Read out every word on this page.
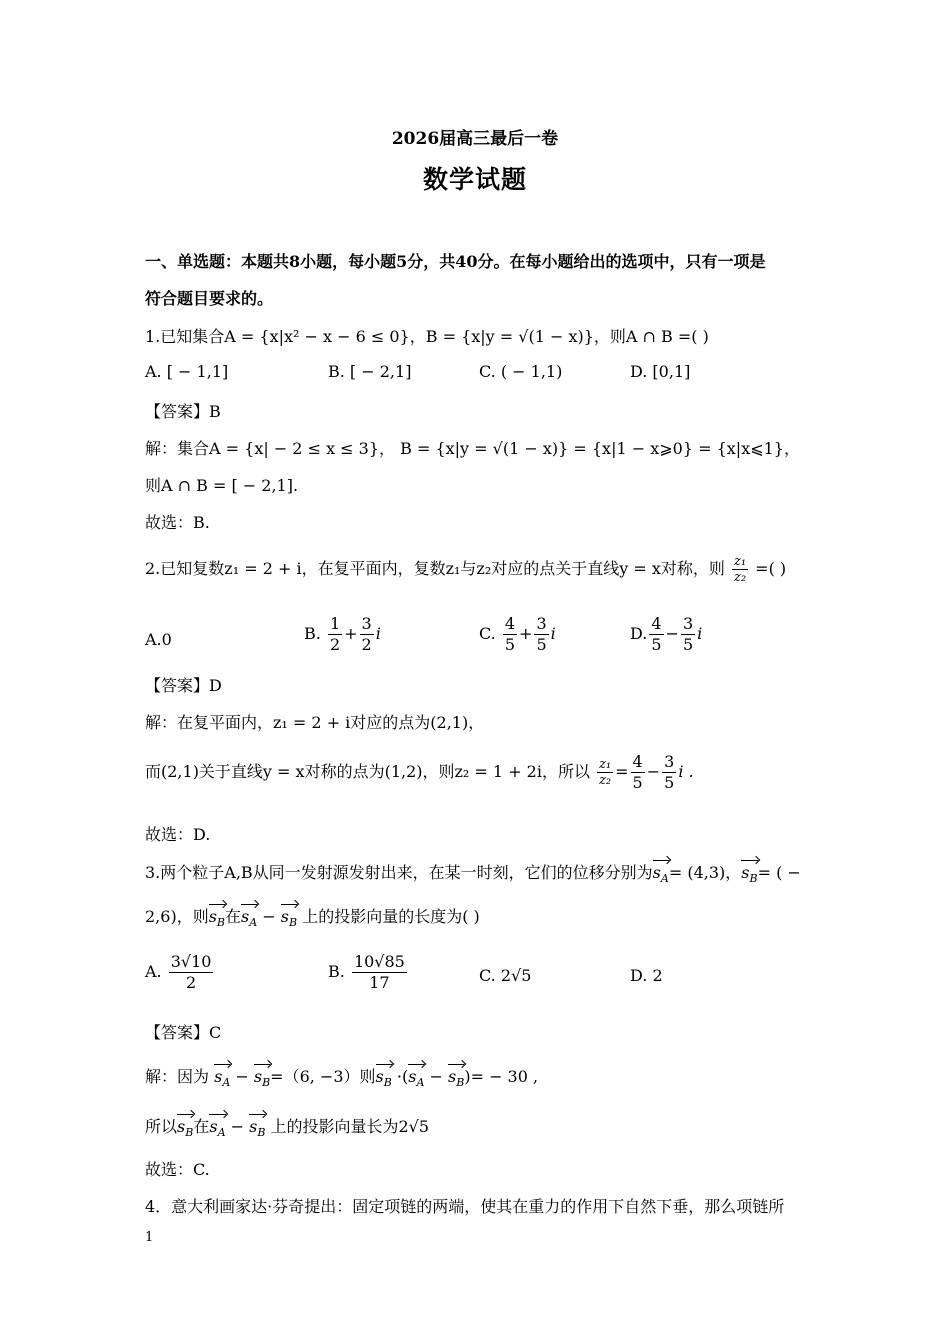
2026届高三最后一卷
数学试题
一、单选题：本题共8小题，每小题5分，共40分。在每小题给出的选项中，只有一项是
符合题目要求的。
1.已知集合A = {x|x² − x − 6 ≤ 0}，B = {x|y = √(1 − x)}，则A ∩ B =( )
A. [ − 1,1]	B. [ − 2,1]	C. ( − 1,1)	D. [0,1]
【答案】B
解：集合A = {x| − 2 ≤ x ≤ 3}， B = {x|y = √(1 − x)} = {x|1 − x⩾0} = {x|x⩽1}，
则A ∩ B = [ − 2,1].
故选：B.
2.已知复数z₁ = 2 + i，在复平面内，复数z₁与z₂对应的点关于直线y = x对称，则 $\frac{\text{z₁}}{\text{z₂}}$ =( )
A.0	B. $\frac{1}{2} + \frac{3}{2}$ i	C. $\frac{4}{5} + \frac{3}{5}$ i	D. $\frac{4}{5} - \frac{3}{5}$ i
【答案】D
解：在复平面内，z₁ = 2 + i对应的点为(2,1)，
而(2,1)关于直线y = x对称的点为(1,2)，则z₂ = 1 + 2i，所以 $\frac{\text{z₁}}{\text{z₂}} = \frac{4}{5} - \frac{3}{5}$ i .
故选：D.
3.两个粒子A,B从同一发射源发射出来，在某一时刻，它们的位移分别为$s_A= (4,3)$，$s_B=$ ( −
2,6)，则$s_B$在$s_A - s_B$ 上的投影向量的长度为( )
A. $\frac{3√10}{2}$	B. $\frac{10√85}{17}$	C. 2√5	D. 2
【答案】C
解：因为 $s_A - s_B=(6$, −3）则$s_B \cdot(s_A - s_B)= - 30$ ,
所以$s_B$在$s_A - s_B$ 上的投影向量长为2√5
故选：C.
4．意大利画家达·芬奇提出：固定项链的两端，使其在重力的作用下自然下垂，那么项链所
1
